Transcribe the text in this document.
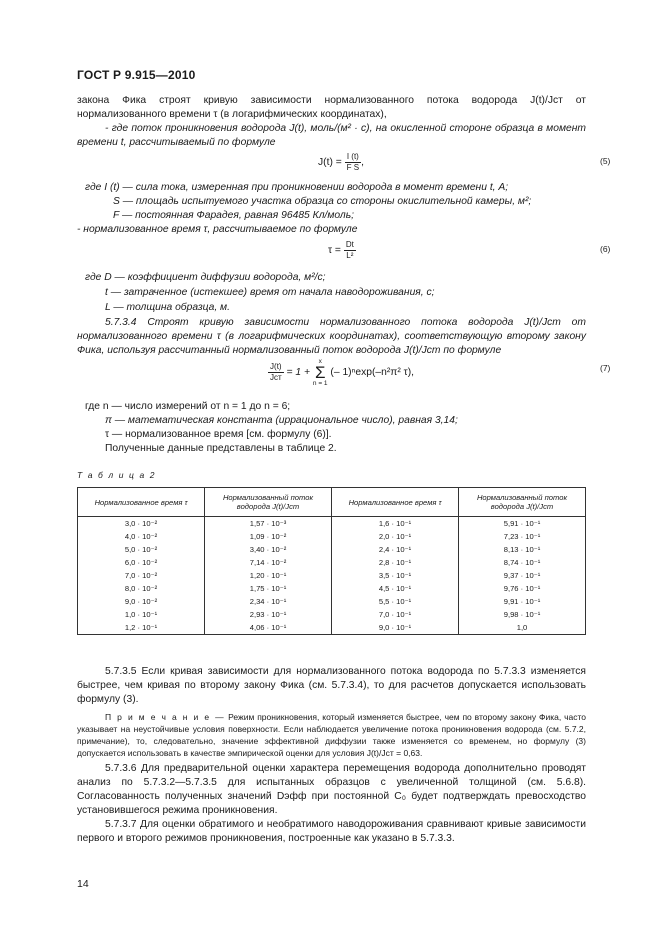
ГОСТ Р 9.915—2010
закона Фика строят кривую зависимости нормализованного потока водорода J(t)/Jст от нормализованного времени τ (в логарифмических координатах),
- где поток проникновения водорода J(t), моль/(м² · с), на окисленной стороне образца в момент времени t, рассчитываемый по формуле
$J(t) = \frac{I (t)}{\text{F S}}$ ,	(5)
где I (t) — сила тока, измеренная при проникновении водорода в момент времени t, А;
S — площадь испытуемого участка образца со стороны окислительной камеры, м²;
F — постоянная Фарадея, равная 96485 Кл/моль;
- нормализованное время τ, рассчитываемое по формуле
$\tau = \frac{Dt}{\text{L²}}$	(6)
где D — коэффициент диффузии водорода, м²/с;
t — затраченное (истекшее) время от начала наводороживания, с;
L — толщина образца, м.
5.7.3.4 Строят кривую зависимости нормализованного потока водорода J(t)/Jст от нормализованного времени τ (в логарифмических координатах), соответствующую второму закону Фика, используя рассчитанный нормализованный поток водорода J(t)/Jст по формуле
$\frac{J(t)}{\text{Jст}} = 1 + x$
Σ
n = 1 (– 1)ⁿexp(–n²π² τ),	(7)
где n — число измерений от n = 1 до n = 6;
π — математическая константа (иррациональное число), равная 3,14;
τ — нормализованное время [см. формулу (6)].
Полученные данные представлены в таблице 2.
Т а б л и ц а 2
Нормализованное время τ	Нормализованный поток водорода J(t)/Jст	Нормализованное время τ	Нормализованный поток водорода J(t)/Jст
3,0 · 10⁻²	1,57 · 10⁻³	1,6 · 10⁻¹	5,91 · 10⁻¹
4,0 · 10⁻²	1,09 · 10⁻²	2,0 · 10⁻¹	7,23 · 10⁻¹
5,0 · 10⁻²	3,40 · 10⁻²	2,4 · 10⁻¹	8,13 · 10⁻¹
6,0 · 10⁻²	7,14 · 10⁻²	2,8 · 10⁻¹	8,74 · 10⁻¹
7,0 · 10⁻²	1,20 · 10⁻¹	3,5 · 10⁻¹	9,37 · 10⁻¹
8,0 · 10⁻²	1,75 · 10⁻¹	4,5 · 10⁻¹	9,76 · 10⁻¹
9,0 · 10⁻²	2,34 · 10⁻¹	5,5 · 10⁻¹	9,91 · 10⁻¹
1,0 · 10⁻¹	2,93 · 10⁻¹	7,0 · 10⁻¹	9,98 · 10⁻¹
1,2 · 10⁻¹	4,06 · 10⁻¹	9,0 · 10⁻¹	1,0
5.7.3.5 Если кривая зависимости для нормализованного потока водорода по 5.7.3.3 изменяется быстрее, чем кривая по второму закону Фика (см. 5.7.3.4), то для расчетов допускается использовать формулу (3).
П р и м е ч а н и е — Режим проникновения, который изменяется быстрее, чем по второму закону Фика, часто указывает на неустойчивые условия поверхности. Если наблюдается увеличение потока проникновения водорода (см. 5.7.2, примечание), то, следовательно, значение эффективной диффузии также изменяется со временем, но формулу (3) допускается использовать в качестве эмпирической оценки для условия J(t)/Jст = 0,63.
5.7.3.6 Для предварительной оценки характера перемещения водорода дополнительно проводят анализ по 5.7.3.2—5.7.3.5 для испытанных образцов с увеличенной толщиной (см. 5.6.8). Согласованность полученных значений Dэфф при постоянной C₀ будет подтверждать превосходство установившегося режима проникновения.
5.7.3.7 Для оценки обратимого и необратимого наводороживания сравнивают кривые зависимости первого и второго режимов проникновения, построенные как указано в 5.7.3.3.
14
